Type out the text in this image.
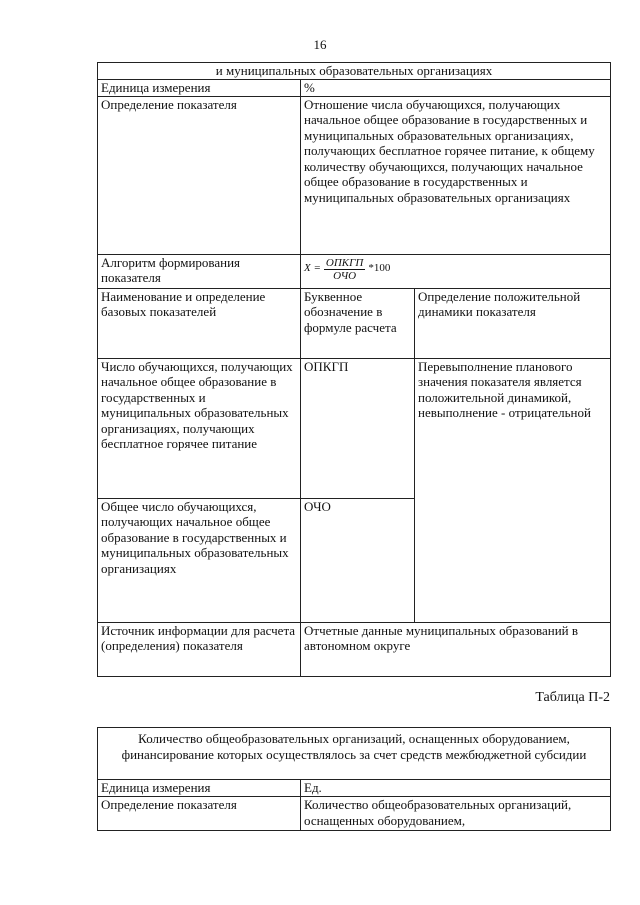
16
и муниципальных образовательных организациях		
Единица измерения	%	
Определение показателя	Отношение числа обучающихся, получающих начальное общее образование в государственных и муниципальных образовательных организациях, получающих бесплатное горячее питание, к общему количеству обучающихся, получающих начальное общее образование в государственных и муниципальных образовательных организациях	
Алгоритм формирования показателя	$X = \frac{\text{ОПКГП}}{\text{ОЧО}} *100$	

Наименование и определение базовых показателей	Буквенное обозначение в формуле расчета	Определение положительной динамики показателя
Число обучающихся, получающих начальное общее образование в государственных и муниципальных образовательных организациях, получающих бесплатное горячее питание	ОПКГП	Перевыполнение планового значения показателя является положительной динамикой, невыполнение - отрицательной
Общее число обучающихся, получающих начальное общее образование в государственных и муниципальных образовательных организациях	ОЧО	
Источник информации для расчета (определения) показателя	Отчетные данные муниципальных образований в автономном округе	
Таблица П-2
Количество общеобразовательных организаций, оснащенных оборудованием, финансирование которых осуществлялось за счет средств межбюджетной субсидии	
Единица измерения	Ед.
Определение показателя	Количество общеобразовательных организаций, оснащенных оборудованием,
